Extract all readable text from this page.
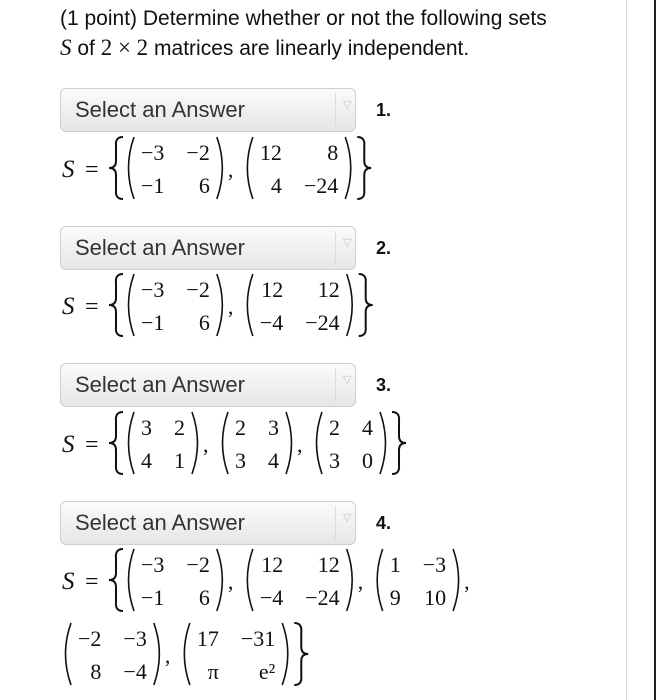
(1 point) Determine whether or not the following sets
S of 2 × 2 matrices are linearly independent.
Select an Answer	▽ 1.
S =
−3 −2
−1 6
,
12 8
4 −24
Select an Answer	▽ 2.
S =
−3 −2
−1 6
,
12 12
−4 −24
Select an Answer	▽ 3.
S =
3 2
4 1
,
2 3
3 4
,
2 4
3 0
Select an Answer	▽ 4.
S =
−3 −2
−1 6
,
12 12
−4 −24
,
1 −3
9 10
,
−2 −3
8 −4
,
17 −31
π e²
